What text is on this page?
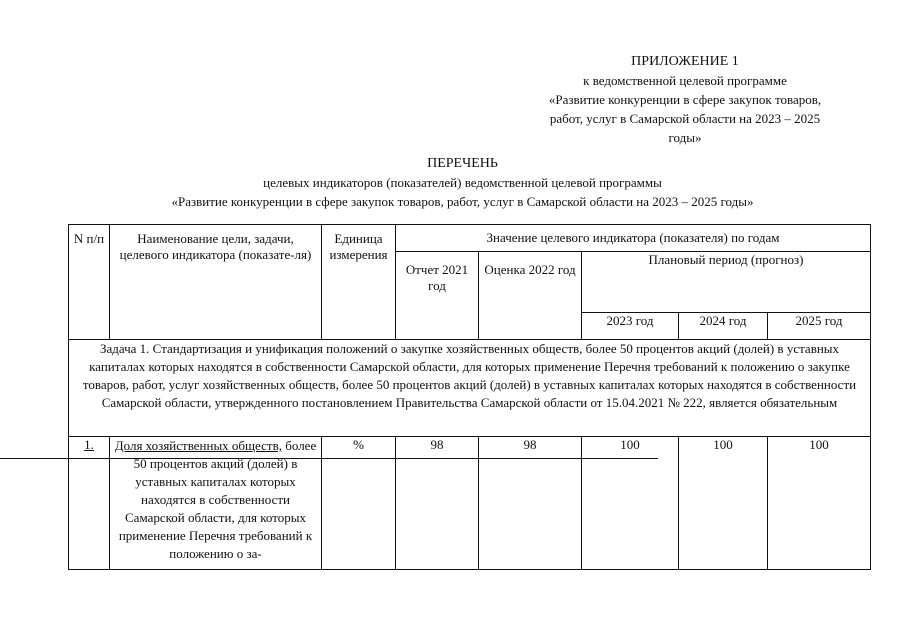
ПРИЛОЖЕНИЕ 1
к ведомственной целевой программе
«Развитие конкуренции в сфере закупок товаров,
работ, услуг в Самарской области на 2023 – 2025
годы»
ПЕРЕЧЕНЬ
целевых индикаторов (показателей) ведомственной целевой программы
«Развитие конкуренции в сфере закупок товаров, работ, услуг в Самарской области на 2023 – 2025 годы»
N п/п	Наименование цели, задачи, целевого индикатора (показате-ля)	Единица измерения	Значение целевого индикатора (показателя) по годам				
			Отчет 2021 год	Оценка 2022 год	Плановый период (прогноз)		
					2023 год	2024 год	2025 год
Задача 1. Стандартизация и унификация положений о закупке хозяйственных обществ, более 50 процентов акций (долей) в уставных капиталах которых находятся в собственности Самарской области, для которых применение Перечня требований к положению о закупке товаров, работ, услуг хозяйственных обществ, более 50 процентов акций (долей) в уставных капиталах которых находятся в собственности Самарской области, утвержденного постановлением Правительства Самарской области от 15.04.2021 № 222, является обязательным							
1.	Доля хозяйственных обществ, более 50 процентов акций (долей) в уставных капиталах которых находятся в собственности Самарской области, для которых применение Перечня требований к положению о за-	%	98	98	100	100	100
